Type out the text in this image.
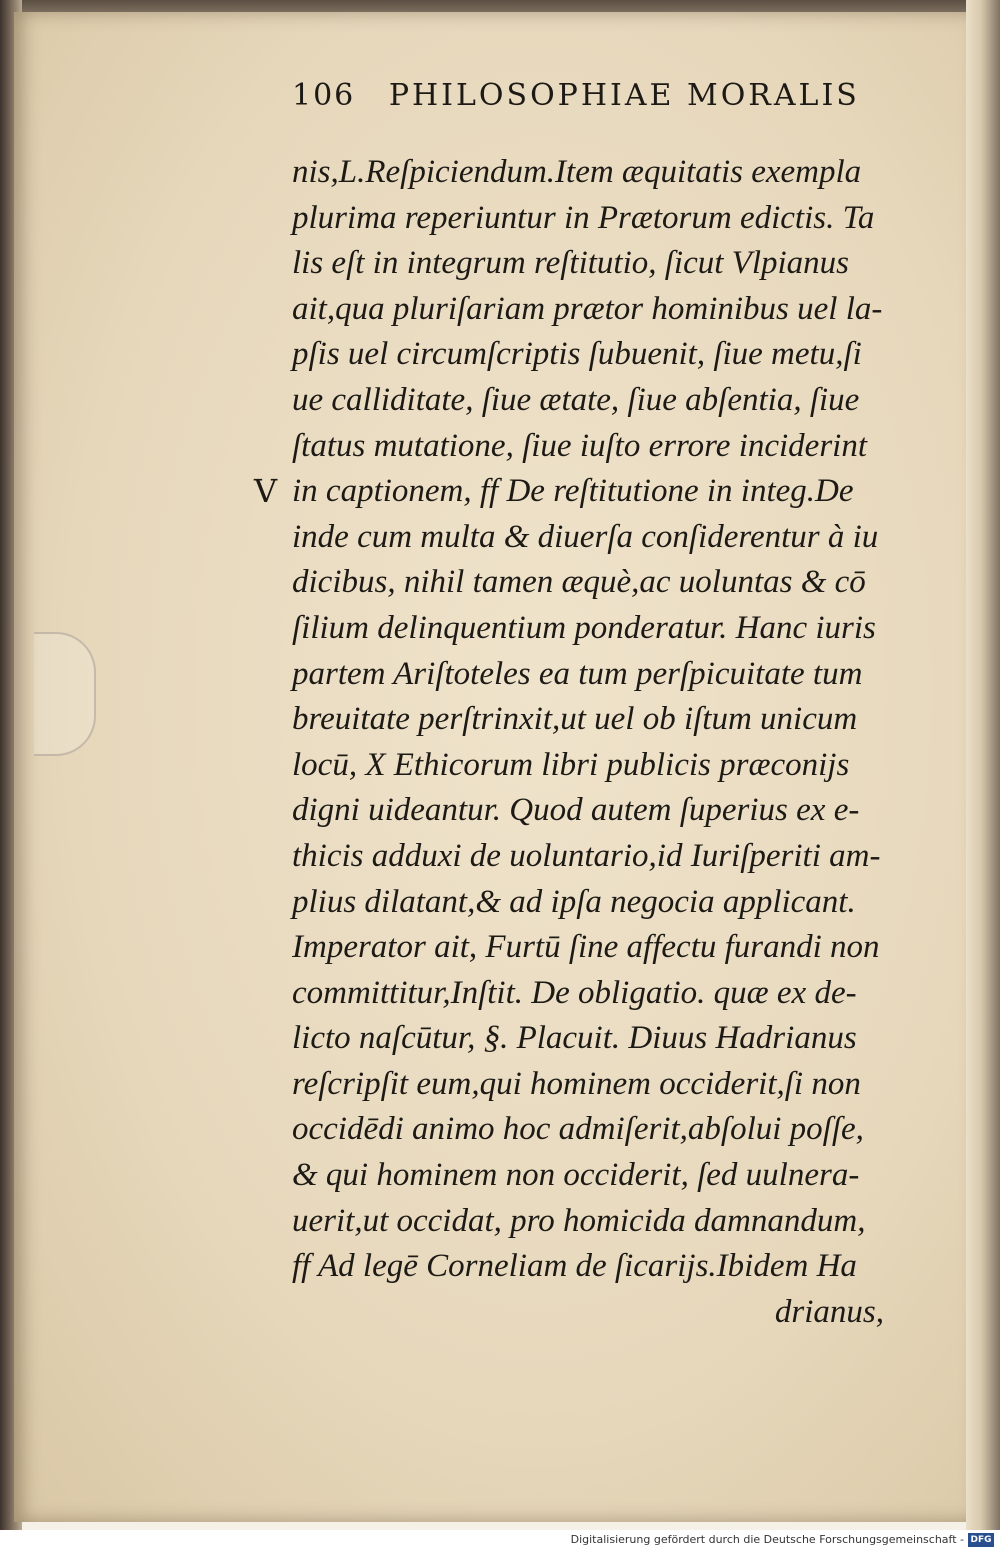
106 PHILOSOPHIAE MORALIS
V
nis,L.Reſpiciendum.Item æquitatis exempla
plurima reperiuntur in Prætorum edictis. Ta
lis eſt in integrum reſtitutio, ſicut Vlpianus
ait,qua pluriſariam prætor hominibus uel la-
pſis uel circumſcriptis ſubuenit, ſiue metu,ſi
ue calliditate, ſiue ætate, ſiue abſentia, ſiue
ſtatus mutatione, ſiue iuſto errore inciderint
in captionem, ff De reſtitutione in integ.De
inde cum multa & diuerſa conſiderentur à iu
dicibus, nihil tamen æquè,ac uoluntas & cō
ſilium delinquentium ponderatur. Hanc iuris
partem Ariſtoteles ea tum perſpicuitate tum
breuitate perſtrinxit,ut uel ob iſtum unicum
locū, X Ethicorum libri publicis præconijs
digni uideantur. Quod autem ſuperius ex e-
thicis adduxi de uoluntario,id Iuriſperiti am-
plius dilatant,& ad ipſa negocia applicant.
Imperator ait, Furtū ſine affectu furandi non
committitur,Inſtit. De obligatio. quæ ex de-
licto naſcūtur, §. Placuit. Diuus Hadrianus
reſcripſit eum,qui hominem occiderit,ſi non
occidēdi animo hoc admiſerit,abſolui poſſe,
& qui hominem non occiderit, ſed uulnera-
uerit,ut occidat, pro homicida damnandum,
ff Ad legē Corneliam de ſicarijs.Ibidem Ha
drianus,
Digitalisierung gefördert durch die Deutsche Forschungsgemeinschaft - DFG
